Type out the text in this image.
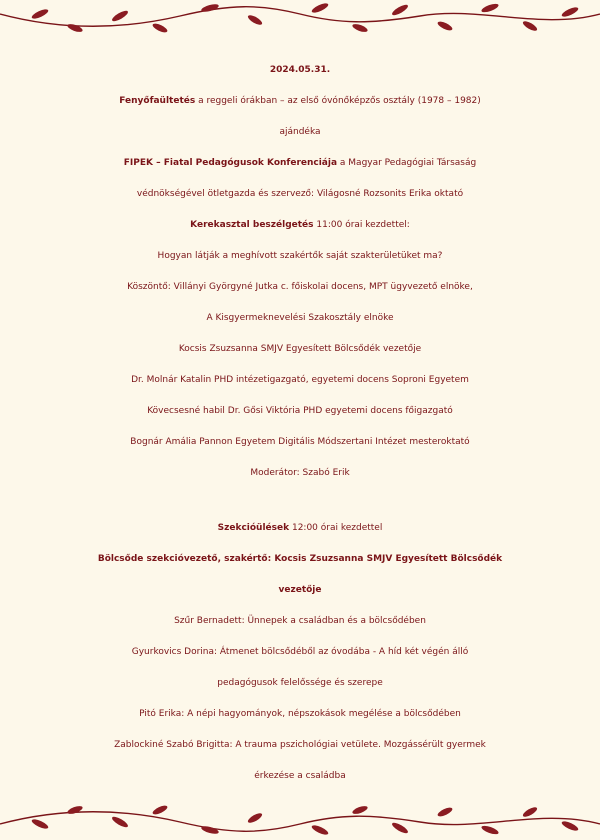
2024.05.31.
Fenyőfaültetés a reggeli órákban – az első óvónőképzős osztály (1978 – 1982)
ajándéka
FIPEK – Fiatal Pedagógusok Konferenciája a Magyar Pedagógiai Társaság
védnökségével ötletgazda és szervező: Világosné Rozsonits Erika oktató
Kerekasztal beszélgetés 11:00 órai kezdettel:
Hogyan látják a meghívott szakértők saját szakterületüket ma?
Köszöntő: Villányi Györgyné Jutka c. főiskolai docens, MPT ügyvezető elnöke,
A Kisgyermeknevelési Szakosztály elnöke
Kocsis Zsuzsanna SMJV Egyesített Bölcsődék vezetője
Dr. Molnár Katalin PHD intézetigazgató, egyetemi docens Soproni Egyetem
Kövecsesné habil Dr. Gősi Viktória PHD egyetemi docens főigazgató
Bognár Amália Pannon Egyetem Digitális Módszertani Intézet mesteroktató
Moderátor: Szabó Erik
Szekcióülések 12:00 órai kezdettel
Bölcsőde szekcióvezető, szakértő: Kocsis Zsuzsanna SMJV Egyesített Bölcsődék
vezetője
Szűr Bernadett: Ünnepek a családban és a bölcsődében
Gyurkovics Dorina: Átmenet bölcsődéből az óvodába - A híd két végén álló
pedagógusok felelőssége és szerepe
Pitó Erika: A népi hagyományok, népszokások megélése a bölcsődében
Zablockiné Szabó Brigitta: A trauma pszichológiai vetülete. Mozgássérült gyermek
érkezése a családba
